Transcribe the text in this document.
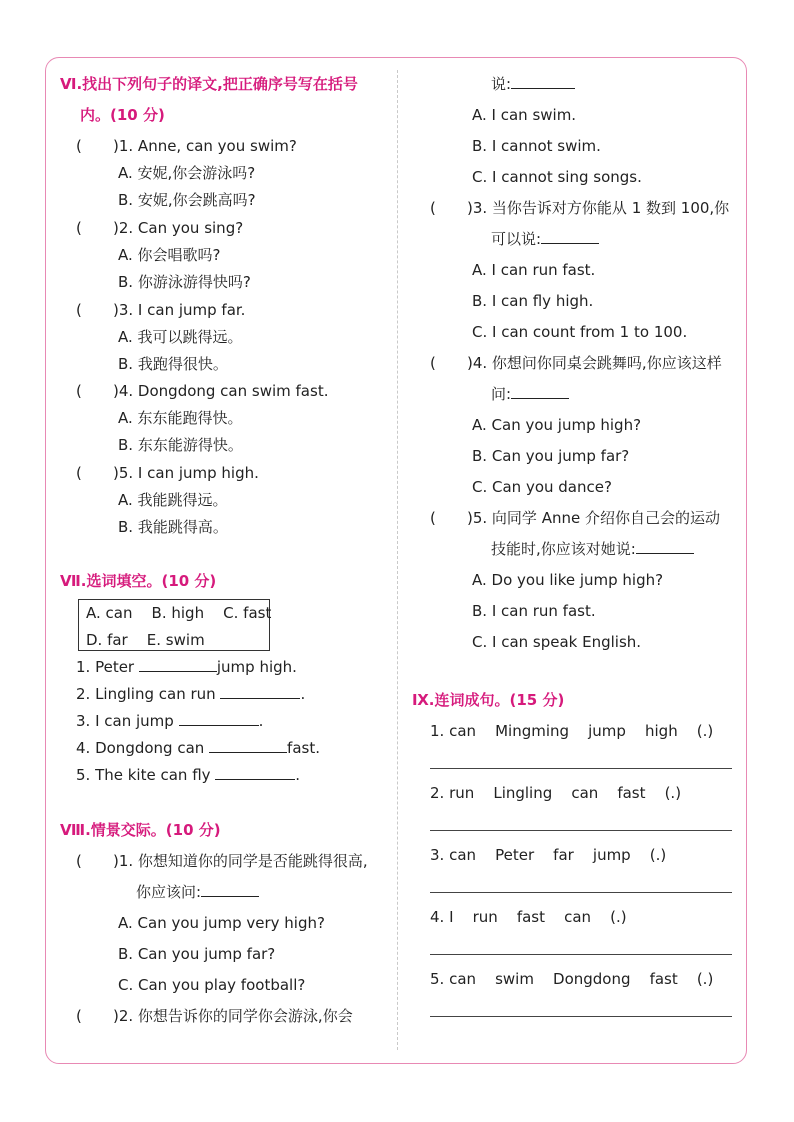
Ⅵ.找出下列句子的译文,把正确序号写在括号
内。(10 分)
( )1. Anne, can you swim?
A. 安妮,你会游泳吗?
B. 安妮,你会跳高吗?
( )2. Can you sing?
A. 你会唱歌吗?
B. 你游泳游得快吗?
( )3. I can jump far.
A. 我可以跳得远。
B. 我跑得很快。
( )4. Dongdong can swim fast.
A. 东东能跑得快。
B. 东东能游得快。
( )5. I can jump high.
A. 我能跳得远。
B. 我能跳得高。
Ⅶ.选词填空。(10 分)
A. can    B. high    C. fast
D. far    E. swim
1. Peter	jump high.
2. Lingling can run	.
3. I can jump	.
4. Dongdong can	fast.
5. The kite can fly	.
Ⅷ.情景交际。(10 分)
( )1. 你想知道你的同学是否能跳得很高,
你应该问:
A. Can you jump very high?
B. Can you jump far?
C. Can you play football?
( )2. 你想告诉你的同学你会游泳,你会
说:
A. I can swim.
B. I cannot swim.
C. I cannot sing songs.
( )3. 当你告诉对方你能从 1 数到 100,你
可以说:
A. I can run fast.
B. I can fly high.
C. I can count from 1 to 100.
( )4. 你想问你同桌会跳舞吗,你应该这样
问:
A. Can you jump high?
B. Can you jump far?
C. Can you dance?
( )5. 向同学 Anne 介绍你自己会的运动
技能时,你应该对她说:
A. Do you like jump high?
B. I can run fast.
C. I can speak English.
Ⅸ.连词成句。(15 分)
1. can    Mingming    jump    high    (.)
2. run    Lingling    can    fast    (.)
3. can    Peter    far    jump    (.)
4. I    run    fast    can    (.)
5. can    swim    Dongdong    fast    (.)
